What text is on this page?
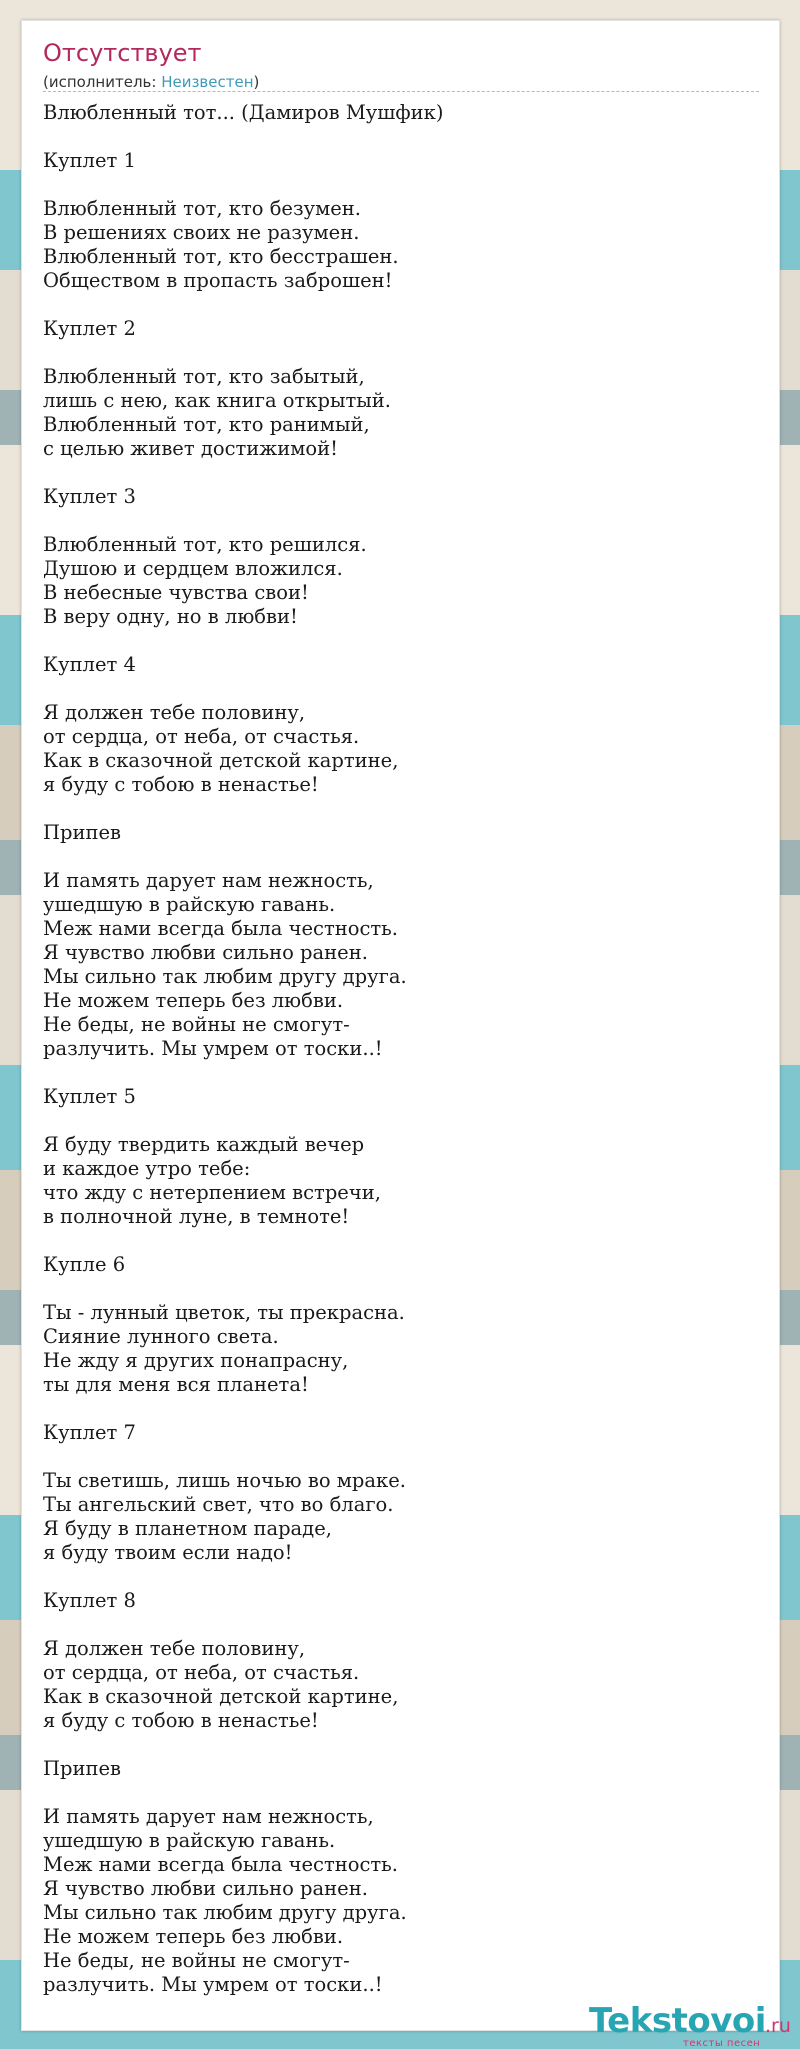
Отсутствует
(исполнитель: Неизвестен)
Влюбленный тот... (Дамиров Мушфик)

Куплет 1

Влюбленный тот, кто безумен.
В решениях своих не разумен.
Влюбленный тот, кто бесстрашен.
Обществом в пропасть заброшен!

Куплет 2

Влюбленный тот, кто забытый,
лишь с нею, как книга открытый.
Влюбленный тот, кто ранимый,
с целью живет достижимой!

Куплет 3

Влюбленный тот, кто решился.
Душою и сердцем вложился.
В небесные чувства свои!
В веру одну, но в любви!

Куплет 4

Я должен тебе половину,
от сердца, от неба, от счастья.
Как в сказочной детской картине,
я буду с тобою в ненастье!

Припев

И память дарует нам нежность,
ушедшую в райскую гавань.
Меж нами всегда была честность.
Я чувство любви сильно ранен.
Мы сильно так любим другу друга.
Не можем теперь без любви.
Не беды, не войны не смогут-
разлучить. Мы умрем от тоски..!

Куплет 5

Я буду твердить каждый вечер
и каждое утро тебе:
что жду с нетерпением встречи,
в полночной луне, в темноте!

Купле 6

Ты - лунный цветок, ты прекрасна.
Сияние лунного света.
Не жду я других понапрасну,
ты для меня вся планета!

Куплет 7

Ты светишь, лишь ночью во мраке.
Ты ангельский свет, что во благо.
Я буду в планетном параде,
я буду твоим если надо!

Куплет 8

Я должен тебе половину,
от сердца, от неба, от счастья.
Как в сказочной детской картине,
я буду с тобою в ненастье!

Припев

И память дарует нам нежность,
ушедшую в райскую гавань.
Меж нами всегда была честность.
Я чувство любви сильно ранен.
Мы сильно так любим другу друга.
Не можем теперь без любви.
Не беды, не войны не смогут-
разлучить. Мы умрем от тоски..!
Tekstovoi .ru
тексты песен
